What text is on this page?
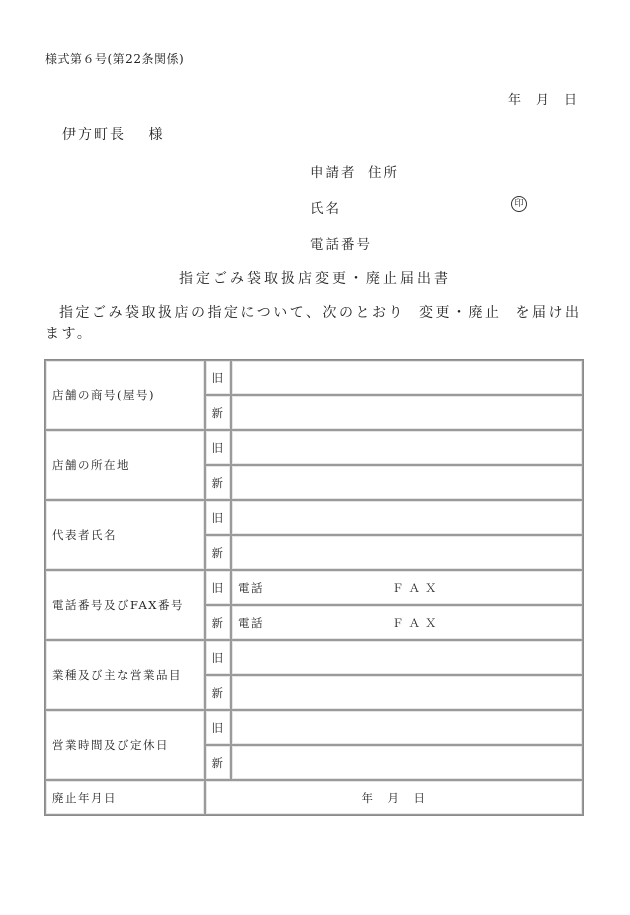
様式第６号(第22条関係)
年　月　日
伊方町長　 様
申請者 住所
氏名	印
電話番号
指定ごみ袋取扱店変更・廃止届出書
指定ごみ袋取扱店の指定について、次のとおり 変更・廃止 を届け出ます。
店舗の商号(屋号)	旧	
	新	
店舗の所在地	旧	
	新	
代表者氏名	旧	
	新	
電話番号及びFAX番号	旧	電話 ＦＡＸ
	新	電話 ＦＡＸ
業種及び主な営業品目	旧	
	新	
営業時間及び定休日	旧	
	新	
廃止年月日	年　月　日	
